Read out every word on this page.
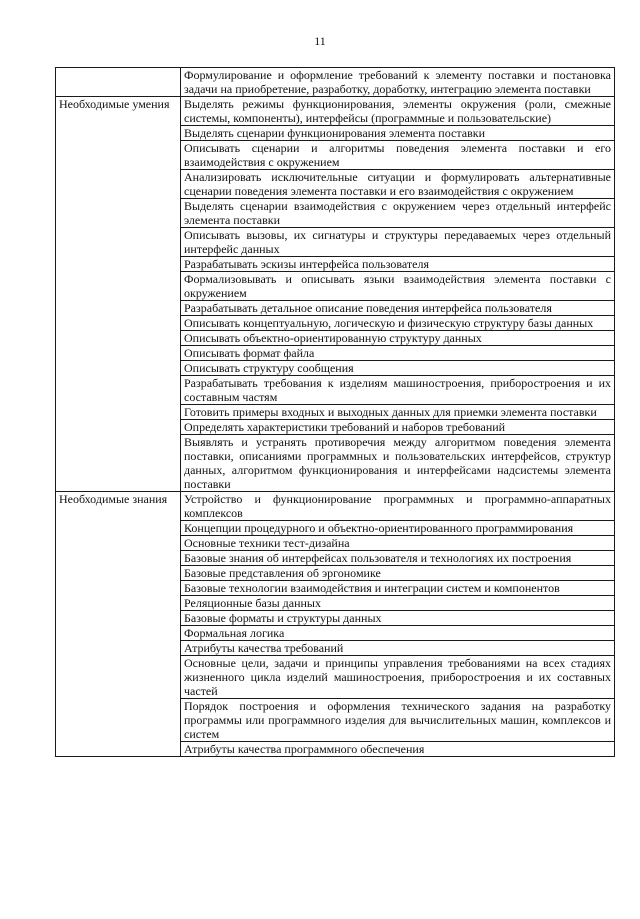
11
	Формулирование и оформление требований к элементу поставки и постановка задачи на приобретение, разработку, доработку, интеграцию элемента поставки
Необходимые умения	Выделять режимы функционирования, элементы окружения (роли, смежные системы, компоненты), интерфейсы (программные и пользовательские)
	Выделять сценарии функционирования элемента поставки
	Описывать сценарии и алгоритмы поведения элемента поставки и его взаимодействия с окружением
	Анализировать исключительные ситуации и формулировать альтернативные сценарии поведения элемента поставки и его взаимодействия с окружением
	Выделять сценарии взаимодействия с окружением через отдельный интерфейс элемента поставки
	Описывать вызовы, их сигнатуры и структуры передаваемых через отдельный интерфейс данных
	Разрабатывать эскизы интерфейса пользователя
	Формализовывать и описывать языки взаимодействия элемента поставки с окружением
	Разрабатывать детальное описание поведения интерфейса пользователя
	Описывать концептуальную, логическую и физическую структуру базы данных
	Описывать объектно-ориентированную структуру данных
	Описывать формат файла
	Описывать структуру сообщения
	Разрабатывать требования к изделиям машиностроения, приборостроения и их составным частям
	Готовить примеры входных и выходных данных для приемки элемента поставки
	Определять характеристики требований и наборов требований
	Выявлять и устранять противоречия между алгоритмом поведения элемента поставки, описаниями программных и пользовательских интерфейсов, структур данных, алгоритмом функционирования и интерфейсами надсистемы элемента поставки
Необходимые знания	Устройство и функционирование программных и программно-аппаратных комплексов
	Концепции процедурного и объектно-ориентированного программирования
	Основные техники тест-дизайна
	Базовые знания об интерфейсах пользователя и технологиях их построения
	Базовые представления об эргономике
	Базовые технологии взаимодействия и интеграции систем и компонентов
	Реляционные базы данных
	Базовые форматы и структуры данных
	Формальная логика
	Атрибуты качества требований
	Основные цели, задачи и принципы управления требованиями на всех стадиях жизненного цикла изделий машиностроения, приборостроения и их составных частей
	Порядок построения и оформления технического задания на разработку программы или программного изделия для вычислительных машин, комплексов и систем
	Атрибуты качества программного обеспечения
